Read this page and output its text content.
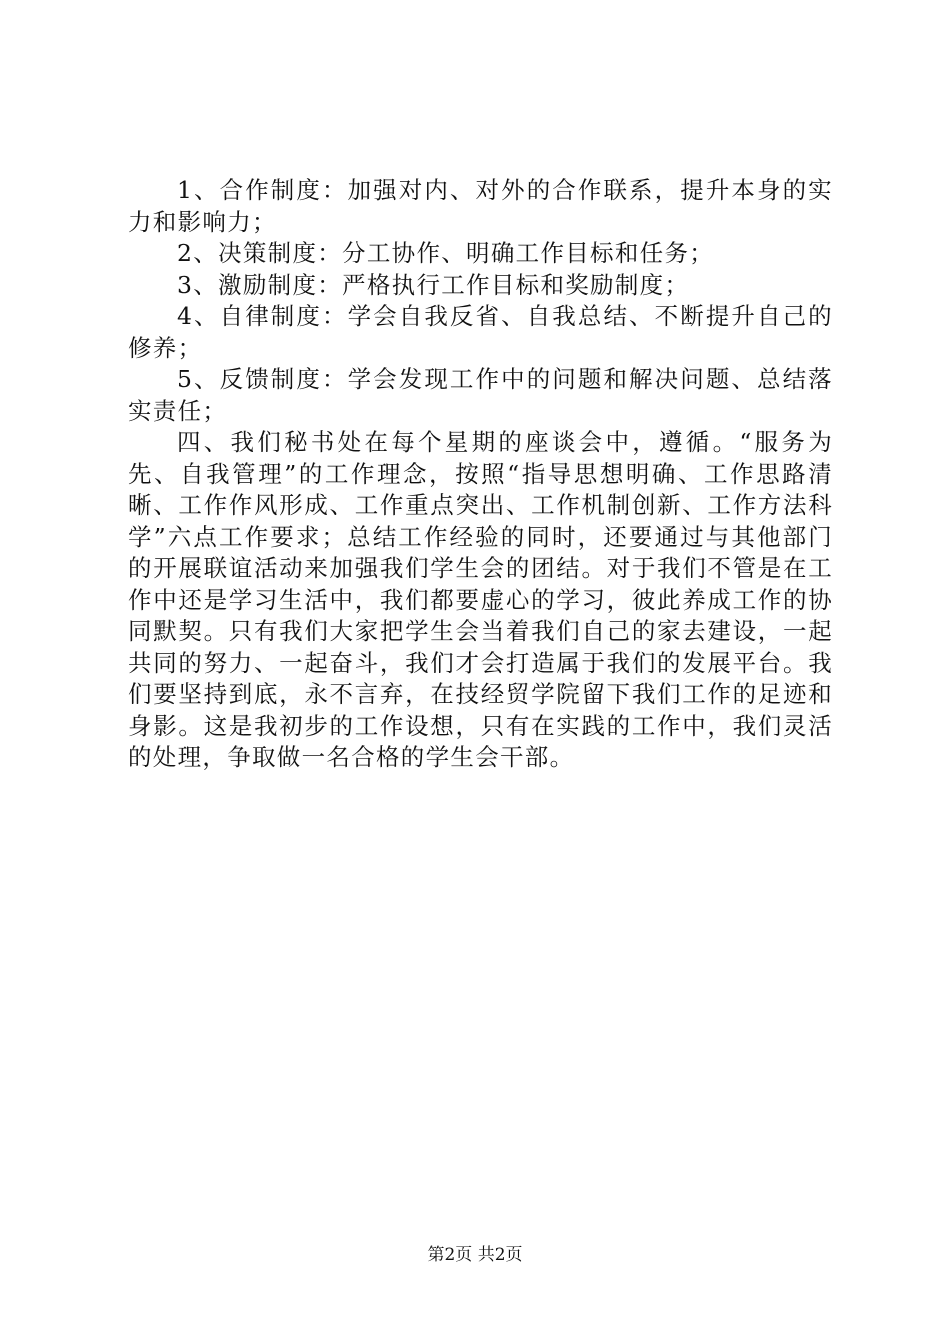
1、合作制度：加强对内、对外的合作联系，提升本身的实力和影响力；

2、决策制度：分工协作、明确工作目标和任务；

3、激励制度：严格执行工作目标和奖励制度；

4、自律制度：学会自我反省、自我总结、不断提升自己的修养；

5、反馈制度：学会发现工作中的问题和解决问题、总结落实责任；

四、我们秘书处在每个星期的座谈会中，遵循。“服务为先、自我管理”的工作理念，按照“指导思想明确、工作思路清晰、工作作风形成、工作重点突出、工作机制创新、工作方法科学”六点工作要求；总结工作经验的同时，还要通过与其他部门的开展联谊活动来加强我们学生会的团结。对于我们不管是在工作中还是学习生活中，我们都要虚心的学习，彼此养成工作的协同默契。只有我们大家把学生会当着我们自己的家去建设，一起共同的努力、一起奋斗，我们才会打造属于我们的发展平台。我们要坚持到底，永不言弃，在技经贸学院留下我们工作的足迹和身影。这是我初步的工作设想，只有在实践的工作中，我们灵活的处理，争取做一名合格的学生会干部。

第2页 共2页
